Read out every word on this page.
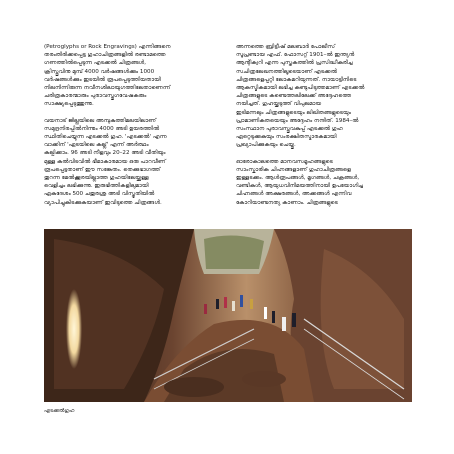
(Petroglyphs or Rock Engravings) എന്നിങ്ങനെ
തരംതിരിക്കപ്പെട്ട ഗുഹാചിത്രങ്ങളിൽ രണ്ടാമത്തെ
ഗണത്തിൽപ്പെടുന്ന എടക്കൽ ചിത്രങ്ങൾ,
ക്രിസ്തുവിനു മുമ്പ് 4000 വർഷങ്ങൾക്കും 1000
വർഷങ്ങൾക്കും ഇടയിൽ രൂപപ്പെടുത്തിയതായി
നിലനിന്നിരുന്ന നവീനശിലായുഗത്തിലേതാണെന്ന്
ചരിത്രകാരന്മാരും പുരാവസ്തുഗവേഷകരും
സാക്ഷ്യപ്പെടുത്തുന്നു.

വയനാട് ജില്ലയിലെ അമ്പുകുത്തിമലയിലാണ്
സമുദ്രനിരപ്പിൽനിന്നും 4000 അടി ഉയരത്തിൽ
സ്ഥിതിചെയ്യുന്ന എടക്കൽ ഗുഹ. 'എടക്കൽ' എന്ന
വാക്കിന് 'ഏടയിലെ കല്ല്' എന്ന് അർത്ഥം
കല്പിക്കാം. 96 അടി നീളവും 20–22 അടി വീതിയും
മുള്ള കൽവിടവിൽ ഭീമാകാരമായ ഒരു പാറവീണ്
രൂപപ്പെട്ടതാണ് ഈ സങ്കേതം. തെക്കുഭാഗത്ത്
തുറന്ന മേൽക്കൂരയില്ലാത്ത ഗുഹയിലേയ്ക്കുള്ള
വെളിച്ചം ലഭിക്കുന്നു. ഇരുഭിത്തികളിലുമായി
ഏകദേശം 500 ചതുരശ്ര അടി വിസ്തൃതിയിൽ
വ്യാപിച്ചുകിടക്കുകയാണ് ഇവിടുത്തെ ചിത്രങ്ങൾ.

അന്നത്തെ ബ്രിട്ടീഷ് മലബാർ പോലീസ്
സൂപ്രണ്ടായ എഫ്. ഫോസറ്റ് 1901–ൽ ഇന്ത്യൻ
ആന്റിക്വറി എന്ന പുസ്തകത്തിൽ പ്രസിദ്ധീകരിച്ച
സചിത്രലേഖനത്തിലൂടെയാണ് എടക്കൽ
ചിത്രങ്ങളെപ്പറ്റി ലോകമറിയുന്നത്. നായാട്ടിനിടെ
ആകസ്മികമായി ലഭിച്ച കണ്ടുപിടുത്തമാണ് എടക്കൽ
ചിത്രങ്ങളുടെ കണ്ടെത്തലിലേക്ക് അദ്ദേഹത്തെ
നയിച്ചത്. ഗുഹയ്ക്കടുത്ത് വിപുലമായ
ഇടിമന്നലും ചിത്രങ്ങളുടെയും ലിഖിതങ്ങളുടെയും
പ്രാമാണികതയെയും അദ്ദേഹം നന്ദിത്. 1984–ൽ
സംസ്ഥാന പുരാവസ്തുവകുപ്പ് എടക്കൽ ഗുഹ
ഏറ്റെടുക്കുകയും സംരക്ഷിതസ്മാരകമായി
പ്രഖ്യാപിക്കുകയും ചെയ്തു.

ഓരോകാലത്തെ മാനവസമൂഹങ്ങളുടെ
സാംസ്കാരിക ചിഹ്നങ്ങളാണ് ഗുഹാചിത്രങ്ങളെ
ഇള്ളടക്കം. ആൾരൂപങ്ങൾ, മൃഗങ്ങൾ, ചക്രങ്ങൾ,
വണ്ടികൾ, ആയുധവിനിമയത്തിനായി ഉപയോഗിച്ച
ചിഹ്നങ്ങൾ അക്ഷരങ്ങൾ, അക്കങ്ങൾ എന്നിവ
കോറിയാണ്ടനത്യ കാണാം. ചിത്രങ്ങളുടെ

എടക്കൽഗുഹ
